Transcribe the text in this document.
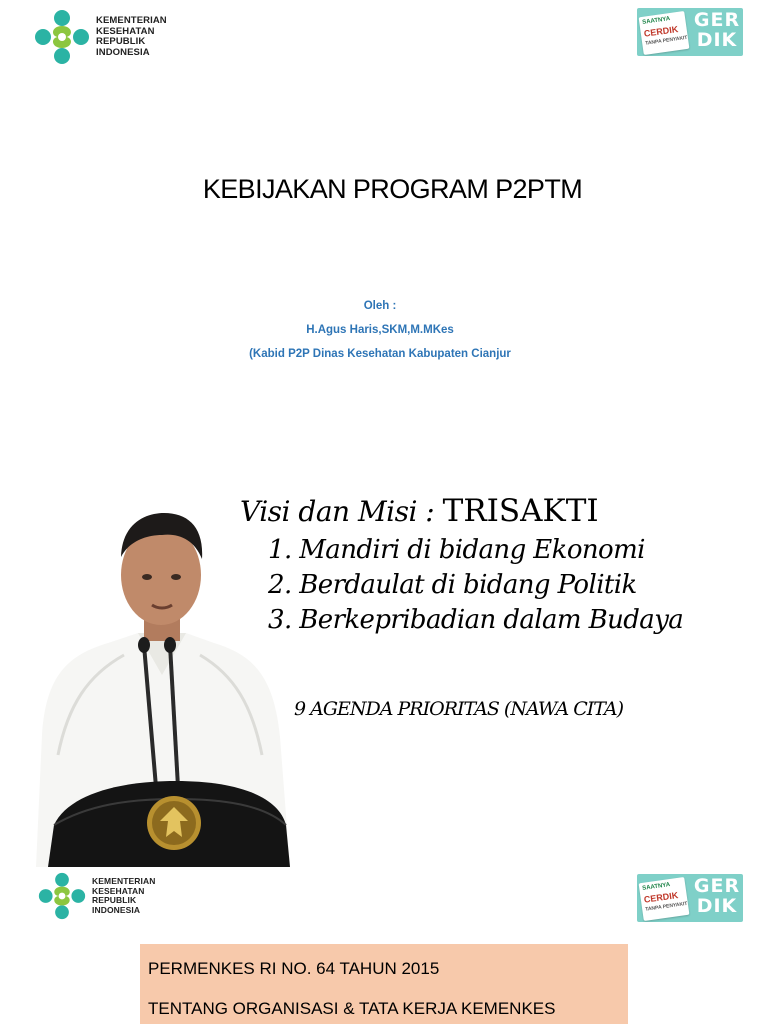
KEMENTERIAN
KESEHATAN
REPUBLIK
INDONESIA
SAATNYA
CERDIK
TANPA PENYAKIT
GER
DIK
KEBIJAKAN PROGRAM P2PTM
Oleh :
H.Agus Haris,SKM,M.MKes
(Kabid P2P Dinas Kesehatan Kabupaten Cianjur
Visi dan Misi : TRISAKTI
1. Mandiri di bidang Ekonomi
2. Berdaulat di bidang Politik
3. Berkepribadian dalam Budaya
9 AGENDA PRIORITAS (NAWA CITA)
KEMENTERIAN
KESEHATAN
REPUBLIK
INDONESIA
SAATNYA
CERDIK
TANPA PENYAKIT
GER
DIK
PERMENKES RI NO. 64 TAHUN 2015
TENTANG ORGANISASI & TATA KERJA KEMENKES
